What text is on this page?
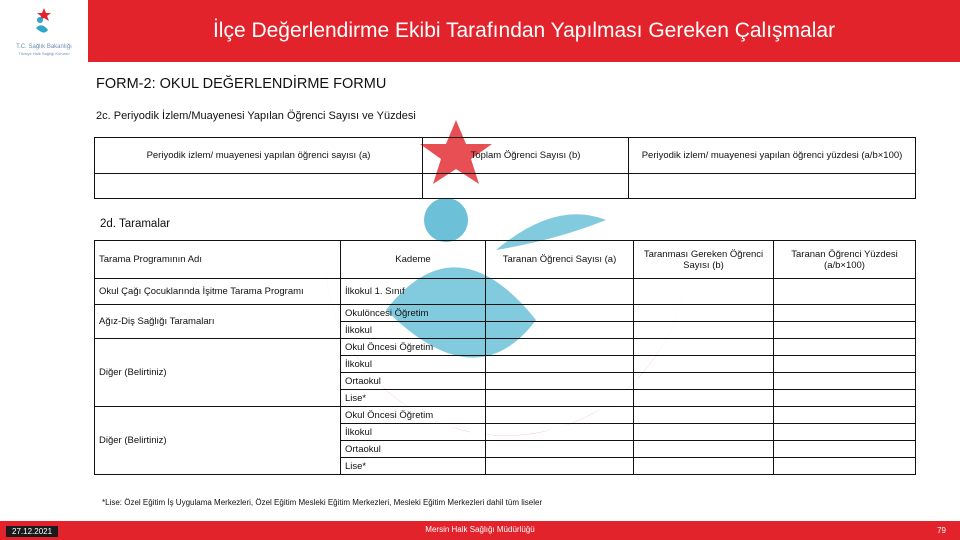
T.C. Sağlık Bakanlığı
Türkiye Halk Sağlığı Kurumu
İlçe Değerlendirme Ekibi Tarafından Yapılması Gereken Çalışmalar
FORM-2: OKUL DEĞERLENDİRME FORMU
2c. Periyodik İzlem/Muayenesi Yapılan Öğrenci Sayısı ve Yüzdesi
Periyodik izlem/ muayenesi yapılan öğrenci sayısı (a)	Toplam Öğrenci Sayısı (b)	Periyodik izlem/ muayenesi yapılan öğrenci yüzdesi (a/b×100)

2d. Taramalar
Tarama Programının Adı	Kademe	Taranan Öğrenci Sayısı (a)	Taranması Gereken Öğrenci Sayısı (b)	Taranan Öğrenci Yüzdesi (a/b×100)
Okul Çağı Çocuklarında İşitme Tarama Programı	İlkokul 1. Sınıf			
Ağız-Diş Sağlığı Taramaları	Okulöncesi Öğretim			
	İlkokul			
Diğer (Belirtiniz)	Okul Öncesi Öğretim			
	İlkokul			
	Ortaokul			
	Lise*			
Diğer (Belirtiniz)	Okul Öncesi Öğretim			
	İlkokul			
	Ortaokul			
	Lise*			
*Lise: Özel Eğitim İş Uygulama Merkezleri, Özel Eğitim Mesleki Eğitim Merkezleri, Mesleki Eğitim Merkezleri dahil tüm liseler
27.12.2021	Mersin Halk Sağlığı Müdürlüğü	79
